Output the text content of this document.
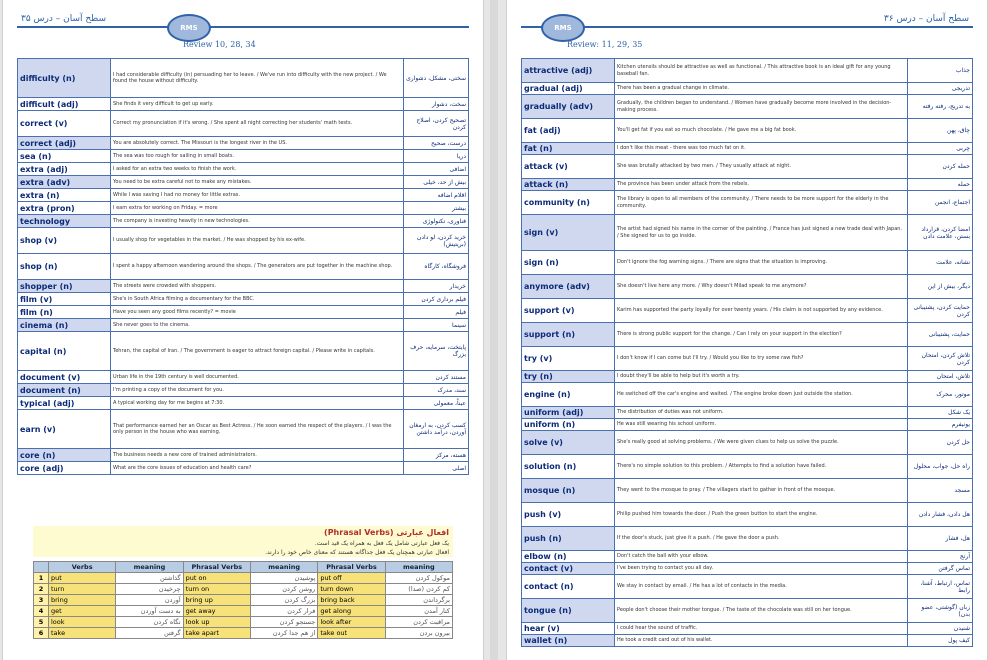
RMS
سطح آسان – درس ۳۵
Review 10, 28, 34
difficulty (n)	I had considerable difficulty (in) persuading her to leave. / We've run into difficulty with the new project. / We found the house without difficulty.	سختی، مشکل، دشواری
difficult (adj)	She finds it very difficult to get up early.	سخت، دشوار
correct (v)	Correct my pronunciation if it's wrong. / She spent all night correcting her students' math tests.	تصحیح کردن، اصلاح کردن
correct (adj)	You are absolutely correct. The Missouri is the longest river in the US.	درست، صحیح
sea (n)	The sea was too rough for sailing in small boats.	دریا
extra (adj)	I asked for an extra two weeks to finish the work.	اضافی
extra (adv)	You need to be extra careful not to make any mistakes.	بیش از حد، خیلی
extra (n)	While I was saving I had no money for little extras.	اقلام اضافه
extra (pron)	I earn extra for working on Friday. = more	بیشتر
technology	The company is investing heavily in new technologies.	فناوری، تکنولوژی
shop (v)	I usually shop for vegetables in the market. / He was shopped by his ex-wife.	خرید کردن، لو دادن (بریتیش)
shop (n)	I spent a happy afternoon wandering around the shops. / The generators are put together in the machine shop.	فروشگاه، کارگاه
shopper (n)	The streets were crowded with shoppers.	خریدار
film (v)	She's in South Africa filming a documentary for the BBC.	فیلم برداری کردن
film (n)	Have you seen any good films recently? = movie	فیلم
cinema (n)	She never goes to the cinema.	سینما
capital (n)	Tehran, the capital of Iran. / The government is eager to attract foreign capital. / Please write in capitals.	پایتخت، سرمایه، حرف بزرگ
document (v)	Urban life in the 19th century is well documented.	مستند کردن
document (n)	I'm printing a copy of the document for you.	سند، مدرک
typical (adj)	A typical working day for me begins at 7:30.	عیناً، معمولی
earn (v)	That performance earned her an Oscar as Best Actress. / He soon earned the respect of the players. / I was the only person in the house who was earning.	کسب کردن، به ارمغان آوردن، درآمد داشتن
core (n)	The business needs a new core of trained administrators.	هسته، مرکز
core (adj)	What are the core issues of education and health care?	اصلی
افعال عبارتی (Phrasal Verbs)
یک فعل عبارتی شامل یک فعل به همراه یک قید است.
افعال عبارتی همچنان یک فعل جداگانه هستند که معنای خاص خود را دارند.
	Verbs	meaning	Phrasal Verbs	meaning	Phrasal Verbs	meaning
1	put	گذاشتن	put on	پوشیدن	put off	موکول کردن
2	turn	چرخیدن	turn on	روشن کردن	turn down	کم کردن (صدا)
3	bring	آوردن	bring up	بزرگ کردن	bring back	برگرداندن
4	get	به دست آوردن	get away	فرار کردن	get along	کنار آمدن
5	look	نگاه کردن	look up	جستجو کردن	look after	مراقبت کردن
6	take	گرفتن	take apart	از هم جدا کردن	take out	بیرون بردن
RMS
سطح آسان – درس ۳۶
Review: 11, 29, 35
attractive (adj)	Kitchen utensils should be attractive as well as functional. / This attractive book is an ideal gift for any young baseball fan.	جذاب
gradual (adj)	There has been a gradual change in climate.	تدریجی
gradually (adv)	Gradually, the children began to understand. / Women have gradually become more involved in the decision-making process.	به تدریج، رفته رفته
fat (adj)	You'll get fat if you eat so much chocolate. / He gave me a big fat book.	چاق، پهن
fat (n)	I don't like this meat - there was too much fat on it.	چربی
attack (v)	She was brutally attacked by two men. / They usually attack at night.	حمله کردن
attack (n)	The province has been under attack from the rebels.	حمله
community (n)	The library is open to all members of the community. / There needs to be more support for the elderly in the community.	اجتماع، انجمن
sign (v)	The artist had signed his name in the corner of the painting. / France has just signed a new trade deal with Japan. / She signed for us to go inside.	امضا کردن، قرارداد بستن، علامت دادن
sign (n)	Don't ignore the fog warning signs. / There are signs that the situation is improving.	نشانه، علامت
anymore (adv)	She doesn't live here any more. / Why doesn't Milad speak to me anymore?	دیگر، بیش از این
support (v)	Karim has supported the party loyally for over twenty years. / His claim is not supported by any evidence.	حمایت کردن، پشتیبانی کردن
support (n)	There is strong public support for the change. / Can I rely on your support in the election?	حمایت، پشتیبانی
try (v)	I don't know if I can come but I'll try. / Would you like to try some raw fish?	تلاش کردن، امتحان کردن
try (n)	I doubt they'll be able to help but it's worth a try.	تلاش، امتحان
engine (n)	He switched off the car's engine and waited. / The engine broke down just outside the station.	موتور، محرک
uniform (adj)	The distribution of duties was not uniform.	یک شکل
uniform (n)	He was still wearing his school uniform.	یونیفرم
solve (v)	She's really good at solving problems. / We were given clues to help us solve the puzzle.	حل کردن
solution (n)	There's no simple solution to this problem. / Attempts to find a solution have failed.	راه حل، جواب، محلول
mosque (n)	They went to the mosque to pray. / The villagers start to gather in front of the mosque.	مسجد
push (v)	Philip pushed him towards the door. / Push the green button to start the engine.	هل دادن، فشار دادن
push (n)	If the door's stuck, just give it a push. / He gave the door a push.	هل، فشار
elbow (n)	Don't catch the ball with your elbow.	آرنج
contact (v)	I've been trying to contact you all day.	تماس گرفتن
contact (n)	We stay in contact by email. / He has a lot of contacts in the media.	تماس، ارتباط، آشنا، رابط
tongue (n)	People don't choose their mother tongue. / The taste of the chocolate was still on her tongue.	زبان (گوشتی، عضو بدن)
hear (v)	I could hear the sound of traffic.	شنیدن
wallet (n)	He took a credit card out of his wallet.	کیف پول
